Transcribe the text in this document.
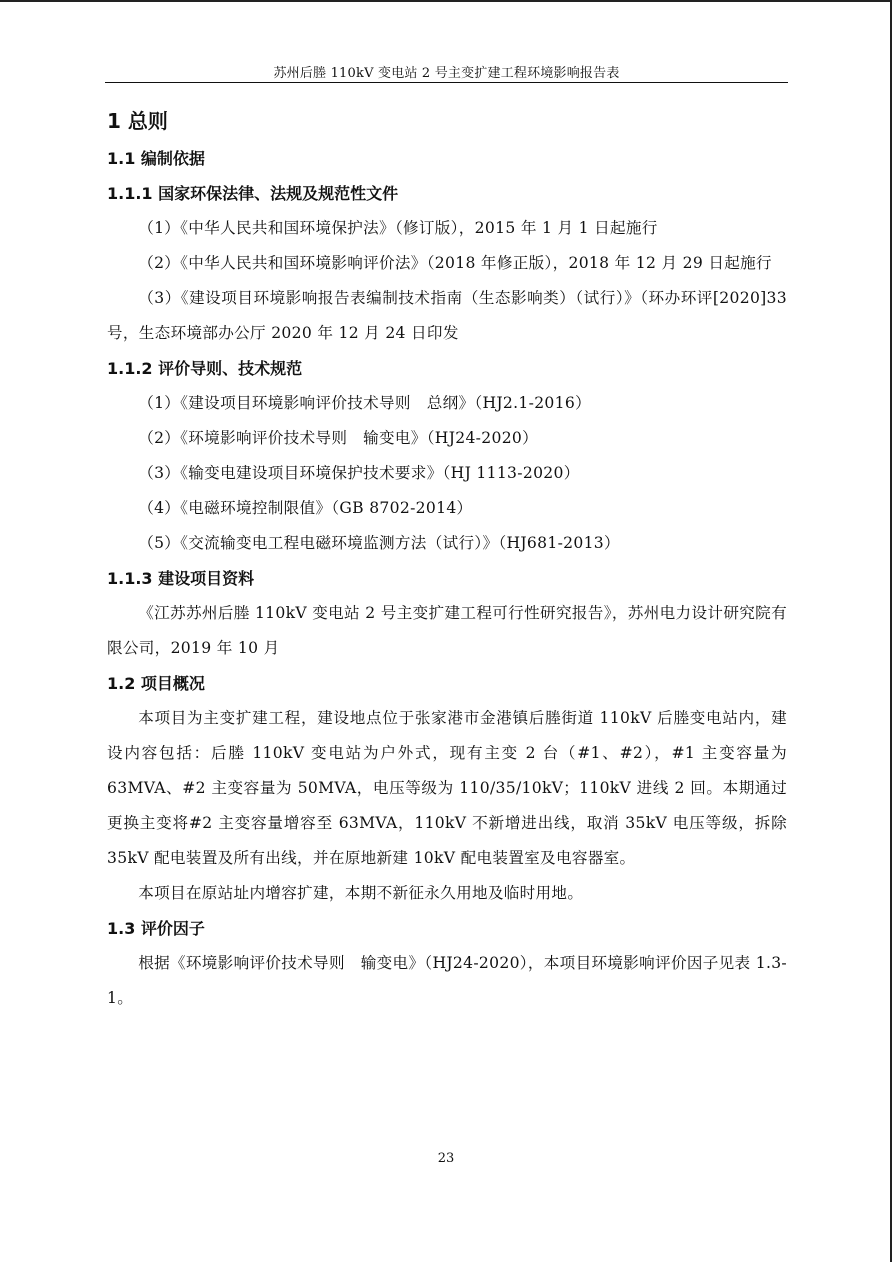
苏州后塍 110kV 变电站 2 号主变扩建工程环境影响报告表
1 总则
1.1 编制依据
1.1.1 国家环保法律、法规及规范性文件

（1）《中华人民共和国环境保护法》（修订版），2015 年 1 月 1 日起施行

（2）《中华人民共和国环境影响评价法》（2018 年修正版），2018 年 12 月 29 日起施行

（3）《建设项目环境影响报告表编制技术指南（生态影响类）（试行）》（环办环评[2020]33 号，生态环境部办公厅 2020 年 12 月 24 日印发

1.1.2 评价导则、技术规范

（1）《建设项目环境影响评价技术导则　总纲》（HJ2.1-2016）

（2）《环境影响评价技术导则　输变电》（HJ24-2020）

（3）《输变电建设项目环境保护技术要求》（HJ 1113-2020）

（4）《电磁环境控制限值》（GB 8702-2014）

（5）《交流输变电工程电磁环境监测方法（试行）》（HJ681-2013）

1.1.3 建设项目资料

《江苏苏州后塍 110kV 变电站 2 号主变扩建工程可行性研究报告》，苏州电力设计研究院有限公司，2019 年 10 月

1.2 项目概况

本项目为主变扩建工程，建设地点位于张家港市金港镇后塍街道 110kV 后塍变电站内，建设内容包括：后塍 110kV 变电站为户外式，现有主变 2 台（#1、#2），#1 主变容量为 63MVA、#2 主变容量为 50MVA，电压等级为 110/35/10kV；110kV 进线 2 回。本期通过更换主变将#2 主变容量增容至 63MVA，110kV 不新增进出线，取消 35kV 电压等级，拆除 35kV 配电装置及所有出线，并在原地新建 10kV 配电装置室及电容器室。

本项目在原站址内增容扩建，本期不新征永久用地及临时用地。

1.3 评价因子

根据《环境影响评价技术导则　输变电》（HJ24-2020），本项目环境影响评价因子见表 1.3-1。

23
